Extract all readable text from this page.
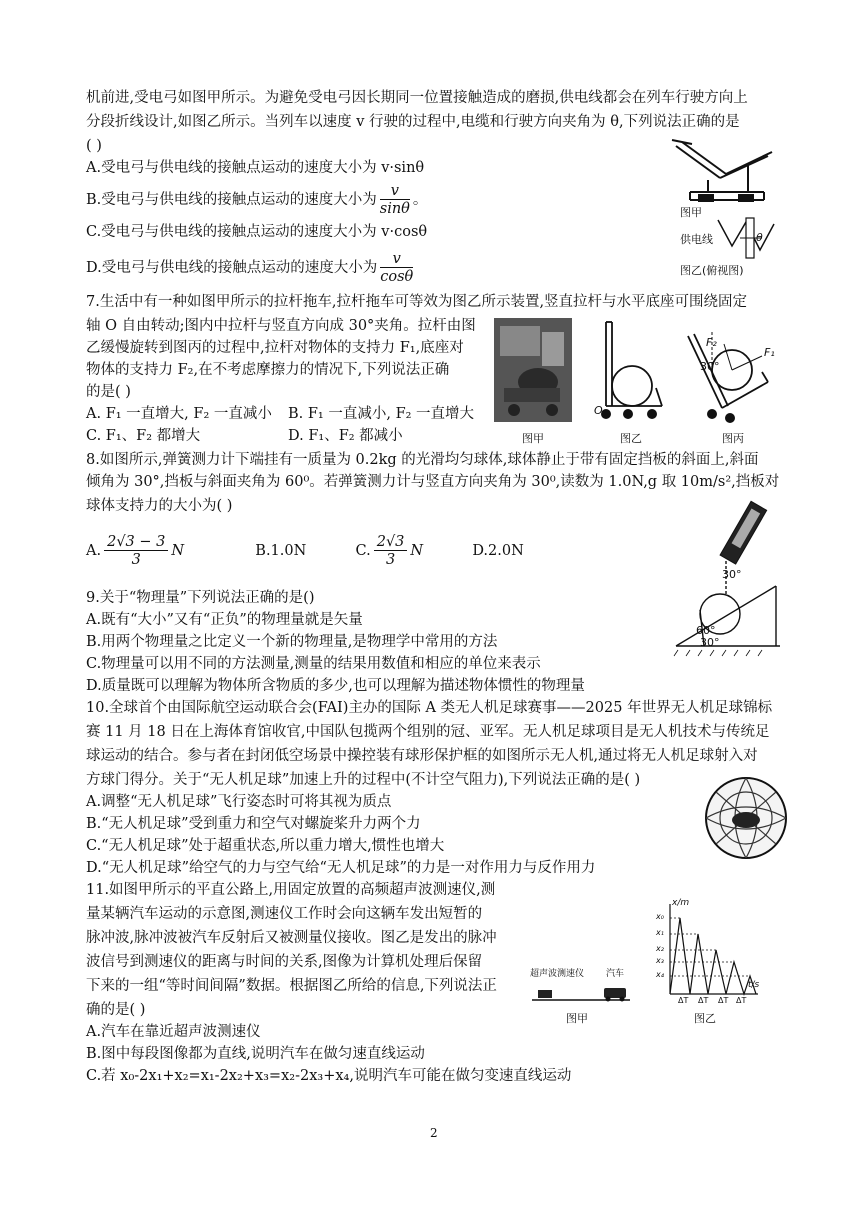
机前进,受电弓如图甲所示。为避免受电弓因长期同一位置接触造成的磨损,供电线都会在列车行驶方向上
分段折线设计,如图乙所示。当列车以速度 v 行驶的过程中,电缆和行驶方向夹角为 θ,下列说法正确的是
( )
A.受电弓与供电线的接触点运动的速度大小为 v·sinθ
B.受电弓与供电线的接触点运动的速度大小为 $\frac{v}{\sin\theta}$ 。
C.受电弓与供电线的接触点运动的速度大小为 v·cosθ
D.受电弓与供电线的接触点运动的速度大小为 $\frac{v}{\cos\theta}$
图甲
供电线	θ
图乙(俯视图)
7.生活中有一种如图甲所示的拉杆拖车,拉杆拖车可等效为图乙所示装置,竖直拉杆与水平底座可围绕固定
轴 O 自由转动;图内中拉杆与竖直方向成 30°夹角。拉杆由图
乙缓慢旋转到图丙的过程中,拉杆对物体的支持力 F₁,底座对
物体的支持力 F₂,在不考虑摩擦力的情况下,下列说法正确
的是( )
A. F₁ 一直增大, F₂ 一直减小 B. F₁ 一直减小, F₂ 一直增大
C. F₁、F₂ 都增大	D. F₁、F₂ 都减小	图甲
O
图乙
F₁
F₂
30°
图丙
8.如图所示,弹簧测力计下端挂有一质量为 0.2kg 的光滑均匀球体,球体静止于带有固定挡板的斜面上,斜面
倾角为 30°,挡板与斜面夹角为 60⁰。若弹簧测力计与竖直方向夹角为 30⁰,读数为 1.0N,g 取 10m/s²,挡板对
球体支持力的大小为( )
A. $\frac{2√3 - 3}{3}$ N	B.1.0N	C. $\frac{2√3}{3}$ N	D.2.0N
30°
60°
30°
9.关于“物理量”下列说法正确的是()
A.既有“大小”又有“正负”的物理量就是矢量
B.用两个物理量之比定义一个新的物理量,是物理学中常用的方法
C.物理量可以用不同的方法测量,测量的结果用数值和相应的单位来表示
D.质量既可以理解为物体所含物质的多少,也可以理解为描述物体惯性的物理量
10.全球首个由国际航空运动联合会(FAI)主办的国际 A 类无人机足球赛事——2025 年世界无人机足球锦标
赛 11 月 18 日在上海体育馆收官,中国队包揽两个组别的冠、亚军。无人机足球项目是无人机技术与传统足
球运动的结合。参与者在封闭低空场景中操控装有球形保护框的如图所示无人机,通过将无人机足球射入对
方球门得分。关于“无人机足球”加速上升的过程中(不计空气阻力),下列说法正确的是( )
A.调整“无人机足球”飞行姿态时可将其视为质点
B.“无人机足球”受到重力和空气对螺旋桨升力两个力
C.“无人机足球”处于超重状态,所以重力增大,惯性也增大
D.“无人机足球”给空气的力与空气给“无人机足球”的力是一对作用力与反作用力
11.如图甲所示的平直公路上,用固定放置的高频超声波测速仪,测
量某辆汽车运动的示意图,测速仪工作时会向这辆车发出短暂的
脉冲波,脉冲波被汽车反射后又被测量仪接收。图乙是发出的脉冲
波信号到测速仪的距离与时间的关系,图像为计算机处理后保留
下来的一组“等时间间隔”数据。根据图乙所给的信息,下列说法正
确的是( )
A.汽车在靠近超声波测速仪
B.图中每段图像都为直线,说明汽车在做匀速直线运动
C.若 x₀-2x₁+x₂=x₁-2x₂+x₃=x₂-2x₃+x₄,说明汽车可能在做匀变速直线运动
超声波测速仪 汽车
图甲
x/m
t/s
x₀
x₁
x₂
x₃
x₄
ΔT ΔT ΔT ΔT
图乙
2
